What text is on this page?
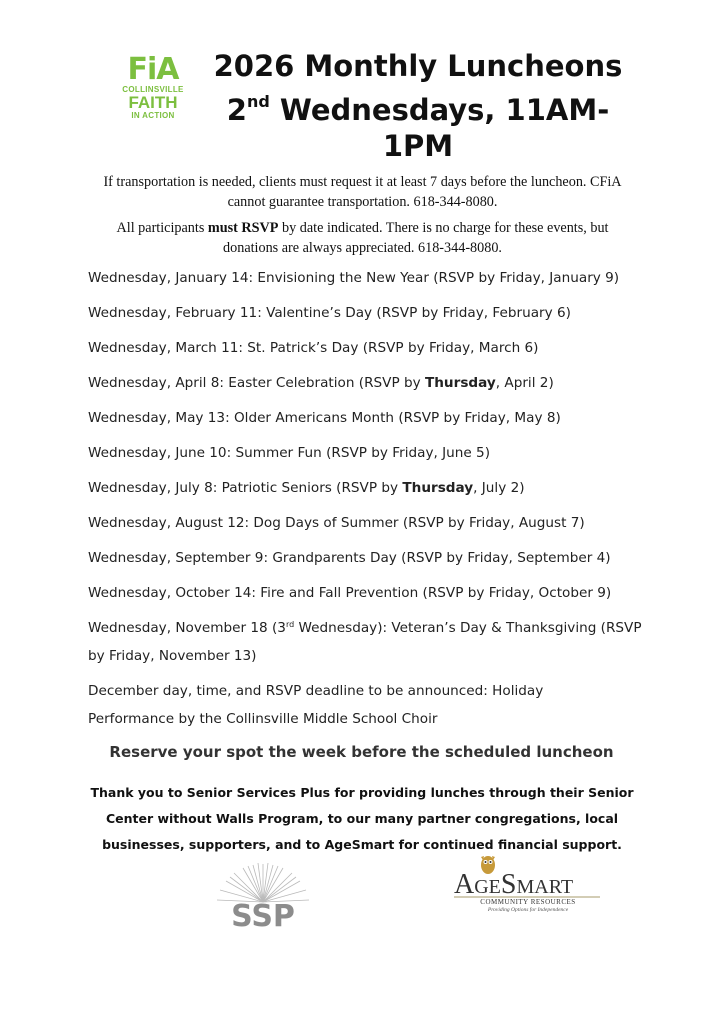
FiA
COLLINSVILLE
FAITH
IN ACTION
2026 Monthly Luncheons
2nd Wednesdays, 11AM-1PM
If transportation is needed, clients must request it at least 7 days before the luncheon. CFiA cannot guarantee transportation. 618-344-8080.
All participants must RSVP by date indicated. There is no charge for these events, but donations are always appreciated. 618-344-8080.
Wednesday, January 14: Envisioning the New Year (RSVP by Friday, January 9)
Wednesday, February 11: Valentine’s Day (RSVP by Friday, February 6)
Wednesday, March 11: St. Patrick’s Day (RSVP by Friday, March 6)
Wednesday, April 8: Easter Celebration (RSVP by Thursday, April 2)
Wednesday, May 13: Older Americans Month (RSVP by Friday, May 8)
Wednesday, June 10: Summer Fun (RSVP by Friday, June 5)
Wednesday, July 8: Patriotic Seniors (RSVP by Thursday, July 2)
Wednesday, August 12: Dog Days of Summer (RSVP by Friday, August 7)
Wednesday, September 9: Grandparents Day (RSVP by Friday, September 4)
Wednesday, October 14: Fire and Fall Prevention (RSVP by Friday, October 9)
Wednesday, November 18 (3rd Wednesday): Veteran’s Day & Thanksgiving (RSVP by Friday, November 13)
December day, time, and RSVP deadline to be announced: Holiday Performance by the Collinsville Middle School Choir
Reserve your spot the week before the scheduled luncheon
Thank you to Senior Services Plus for providing lunches through their Senior Center without Walls Program, to our many partner congregations, local businesses, supporters, and to AgeSmart for continued financial support.
SSP
AGESMART
COMMUNITY RESOURCES
Providing Options for Independence
